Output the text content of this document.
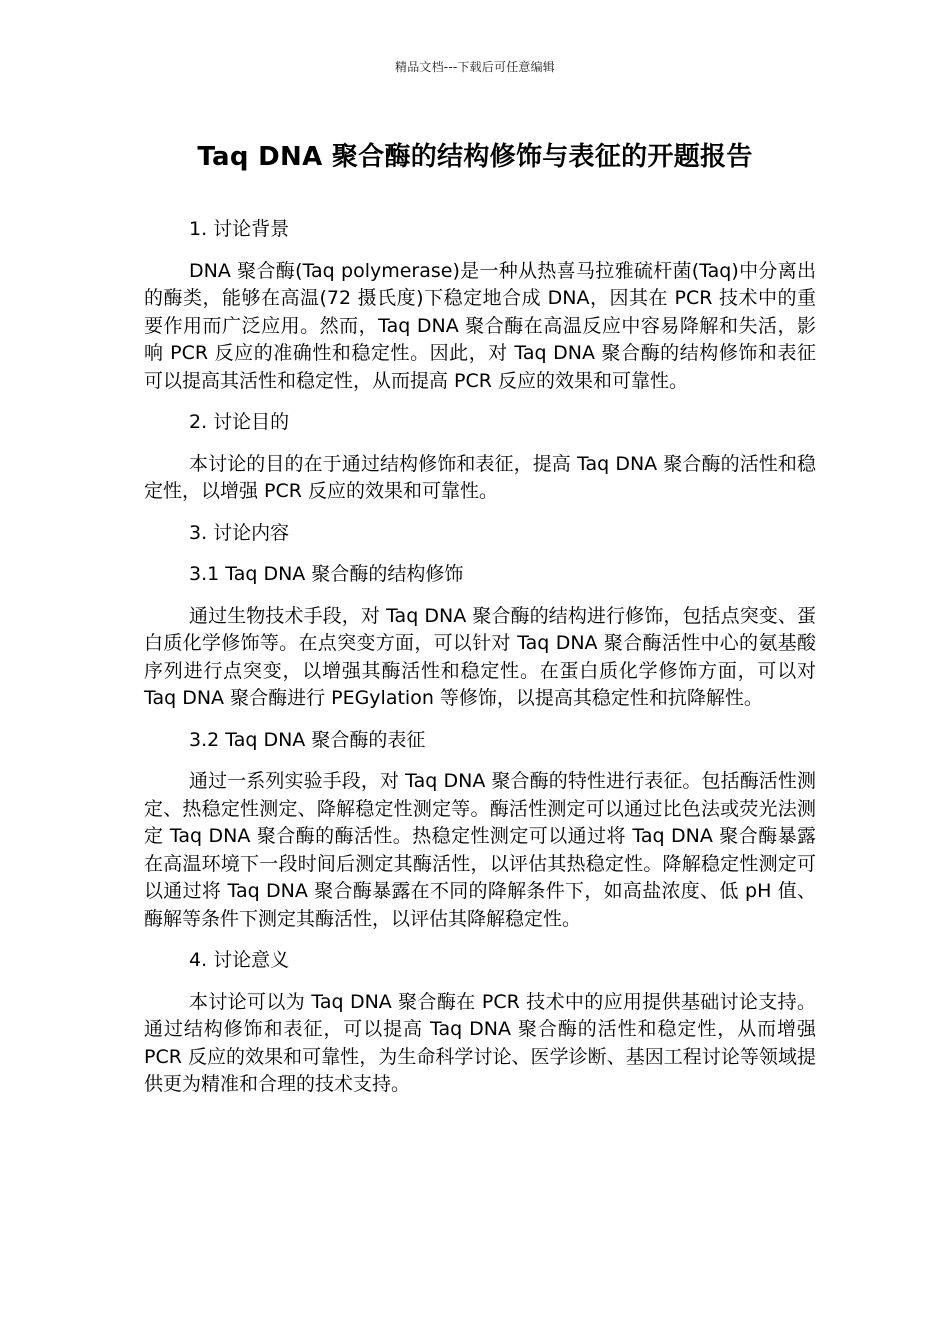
精品文档---下载后可任意编辑
Taq DNA 聚合酶的结构修饰与表征的开题报告
1. 讨论背景
DNA 聚合酶(Taq polymerase)是一种从热喜马拉雅硫杆菌(Taq)中分离出的酶类，能够在高温(72 摄氏度)下稳定地合成 DNA，因其在 PCR 技术中的重要作用而广泛应用。然而，Taq DNA 聚合酶在高温反应中容易降解和失活，影响 PCR 反应的准确性和稳定性。因此，对 Taq DNA 聚合酶的结构修饰和表征可以提高其活性和稳定性，从而提高 PCR 反应的效果和可靠性。
2. 讨论目的
本讨论的目的在于通过结构修饰和表征，提高 Taq DNA 聚合酶的活性和稳定性，以增强 PCR 反应的效果和可靠性。
3. 讨论内容
3.1 Taq DNA 聚合酶的结构修饰
通过生物技术手段，对 Taq DNA 聚合酶的结构进行修饰，包括点突变、蛋白质化学修饰等。在点突变方面，可以针对 Taq DNA 聚合酶活性中心的氨基酸序列进行点突变，以增强其酶活性和稳定性。在蛋白质化学修饰方面，可以对 Taq DNA 聚合酶进行 PEGylation 等修饰，以提高其稳定性和抗降解性。
3.2 Taq DNA 聚合酶的表征
通过一系列实验手段，对 Taq DNA 聚合酶的特性进行表征。包括酶活性测定、热稳定性测定、降解稳定性测定等。酶活性测定可以通过比色法或荧光法测定 Taq DNA 聚合酶的酶活性。热稳定性测定可以通过将 Taq DNA 聚合酶暴露在高温环境下一段时间后测定其酶活性，以评估其热稳定性。降解稳定性测定可以通过将 Taq DNA 聚合酶暴露在不同的降解条件下，如高盐浓度、低 pH 值、酶解等条件下测定其酶活性，以评估其降解稳定性。
4. 讨论意义
本讨论可以为 Taq DNA 聚合酶在 PCR 技术中的应用提供基础讨论支持。通过结构修饰和表征，可以提高 Taq DNA 聚合酶的活性和稳定性，从而增强 PCR 反应的效果和可靠性，为生命科学讨论、医学诊断、基因工程讨论等领域提供更为精准和合理的技术支持。
